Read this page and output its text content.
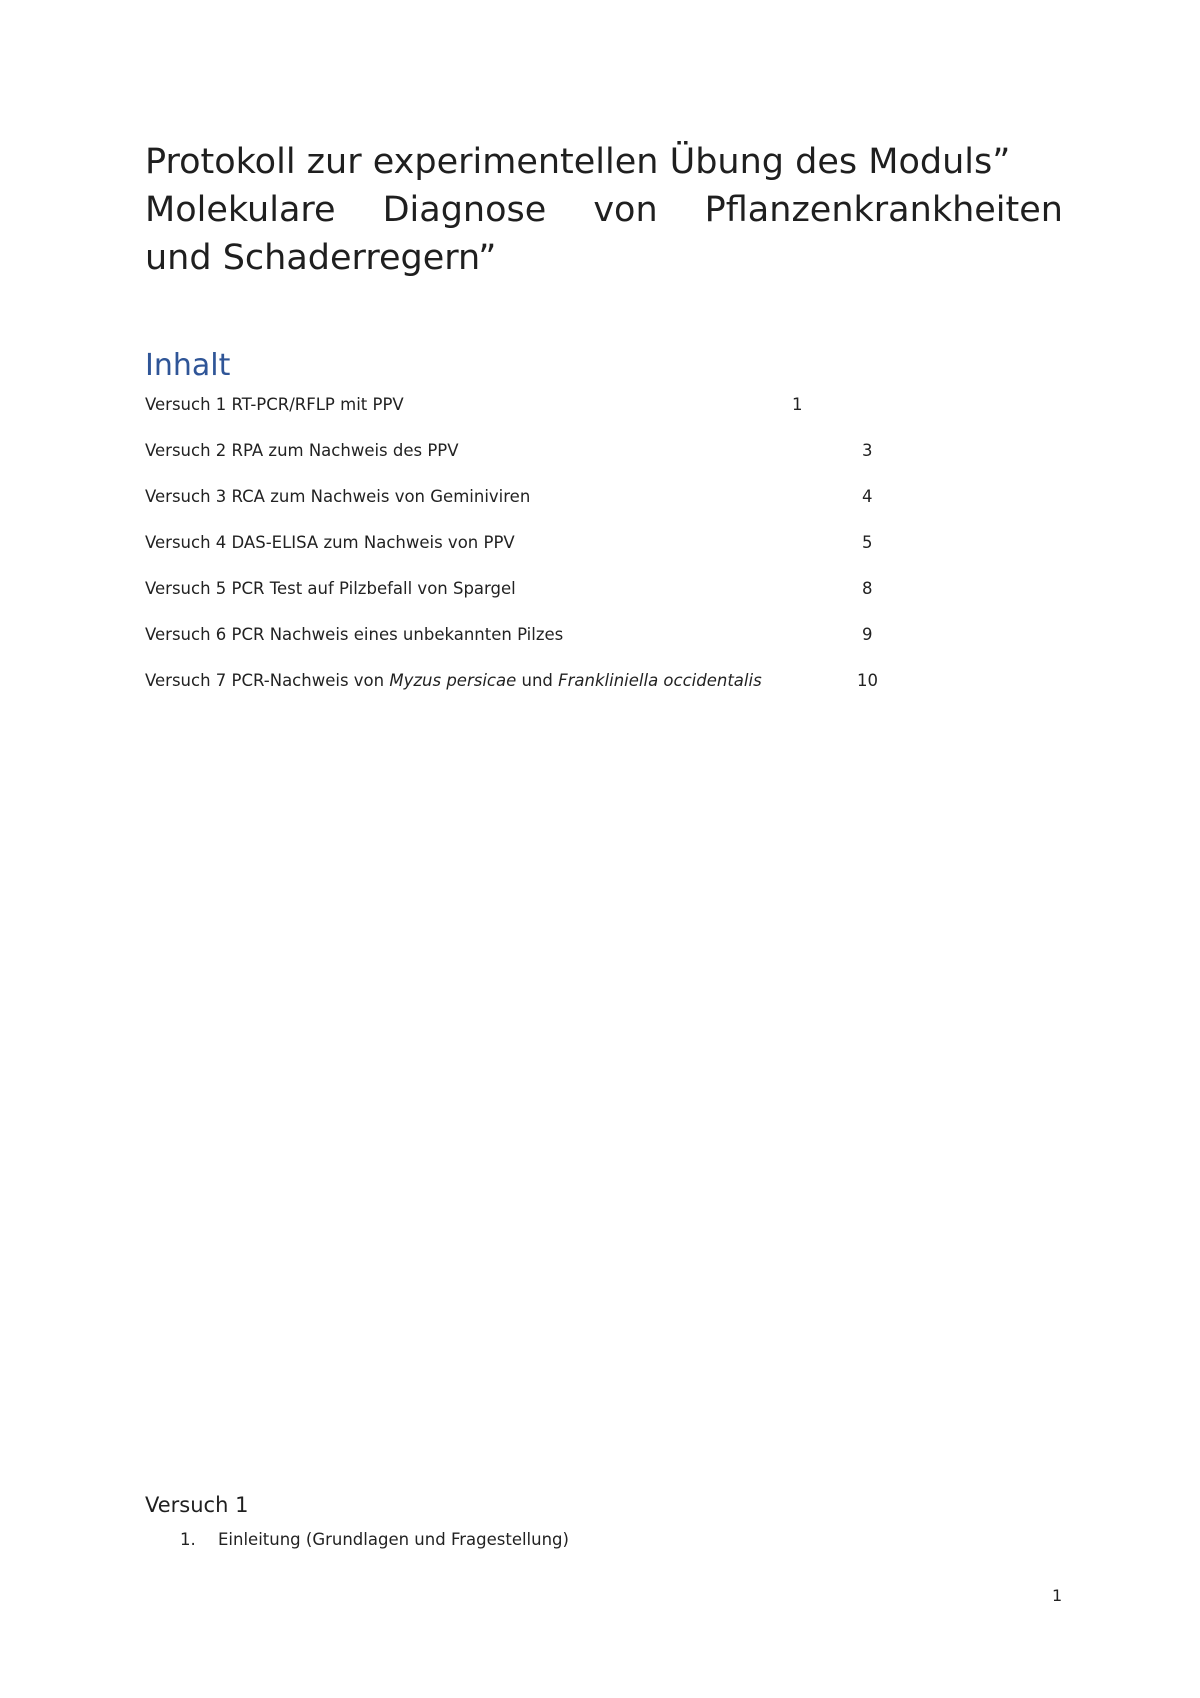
Protokoll zur experimentellen Übung des Moduls”
Molekulare Diagnose von Pflanzenkrankheiten
und Schaderregern”
Inhalt
Versuch 1 RT-PCR/RFLP mit PPV	1
Versuch 2 RPA zum Nachweis des PPV	3
Versuch 3 RCA zum Nachweis von Geminiviren	4
Versuch 4 DAS-ELISA zum Nachweis von PPV	5
Versuch 5 PCR Test auf Pilzbefall von Spargel	8
Versuch 6 PCR Nachweis eines unbekannten Pilzes	9
Versuch 7 PCR-Nachweis von Myzus persicae und Frankliniella occidentalis	10
Versuch 1
1. Einleitung (Grundlagen und Fragestellung)
1
